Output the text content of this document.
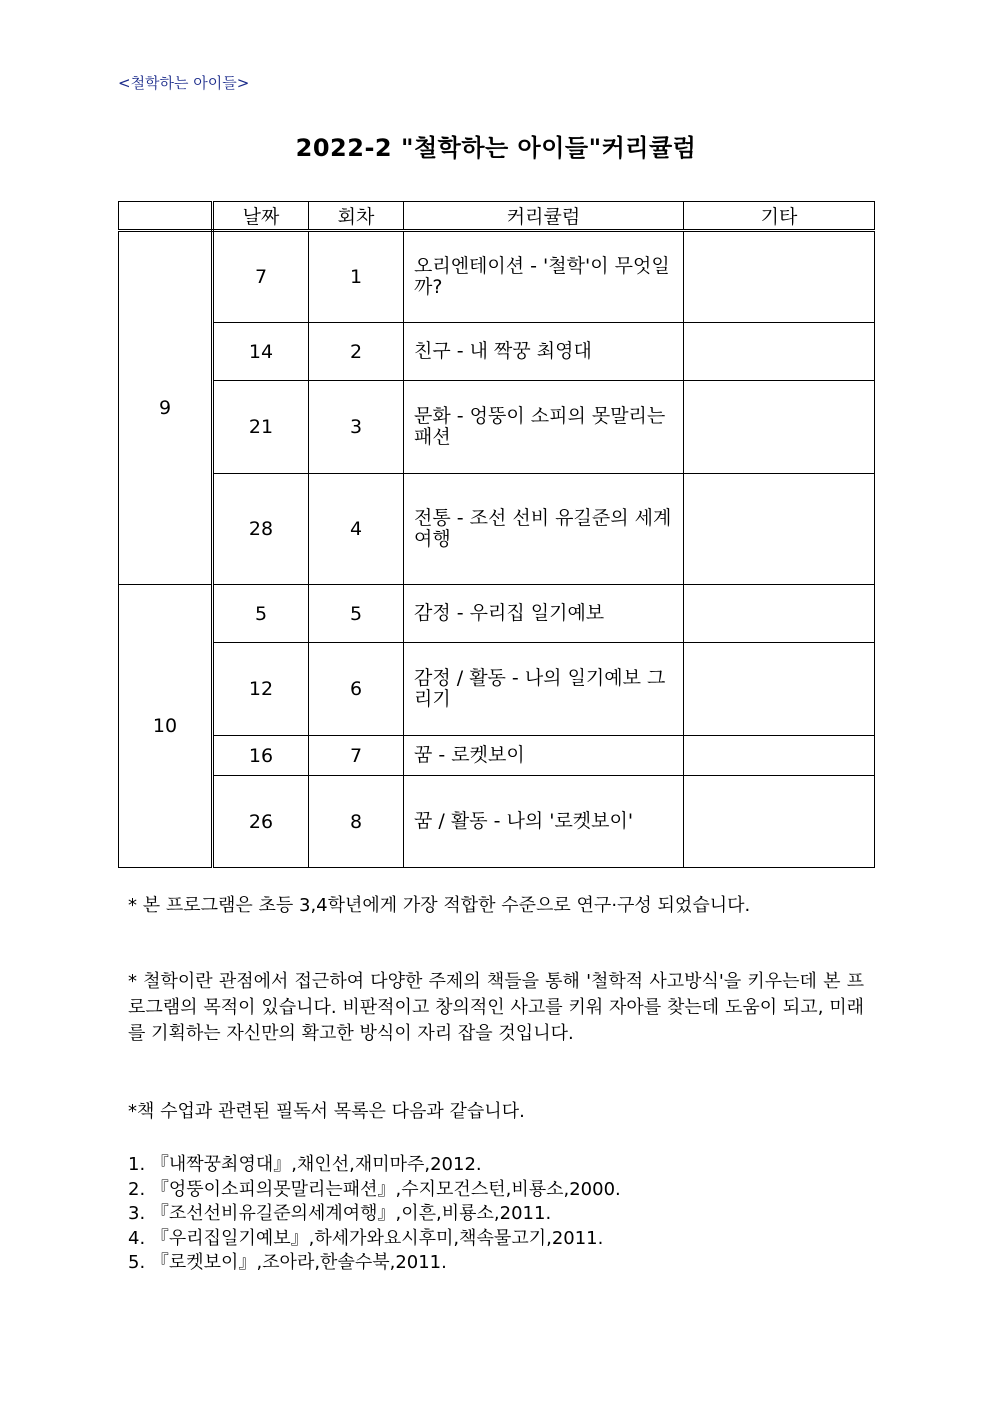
<철학하는 아이들>
2022-2 "철학하는 아이들"커리큘럼
	날짜	회차	커리큘럼	기타
9	7	1	오리엔테이션 - '철학'이 무엇일까?	
	14	2	친구 - 내 짝꿍 최영대	
	21	3	문화 - 엉뚱이 소피의 못말리는 패션	
	28	4	전통 - 조선 선비 유길준의 세계 여행	
10	5	5	감정 - 우리집 일기예보	
	12	6	감정 / 활동 - 나의 일기예보 그리기	
	16	7	꿈 - 로켓보이	
	26	8	꿈 / 활동 - 나의 '로켓보이'	
* 본 프로그램은 초등 3,4학년에게 가장 적합한 수준으로 연구·구성 되었습니다.
* 철학이란 관점에서 접근하여 다양한 주제의 책들을 통해 '철학적 사고방식'을 키우는데 본 프로그램의 목적이 있습니다. 비판적이고 창의적인 사고를 키워 자아를 찾는데 도움이 되고, 미래를 기획하는 자신만의 확고한 방식이 자리 잡을 것입니다.
*책 수업과 관련된 필독서 목록은 다음과 같습니다.
1. 『내짝꿍최영대』,채인선,재미마주,2012.
2. 『엉뚱이소피의못말리는패션』,수지모건스턴,비룡소,2000.
3. 『조선선비유길준의세계여행』,이흔,비룡소,2011.
4. 『우리집일기예보』,하세가와요시후미,책속물고기,2011.
5. 『로켓보이』,조아라,한솔수북,2011.
